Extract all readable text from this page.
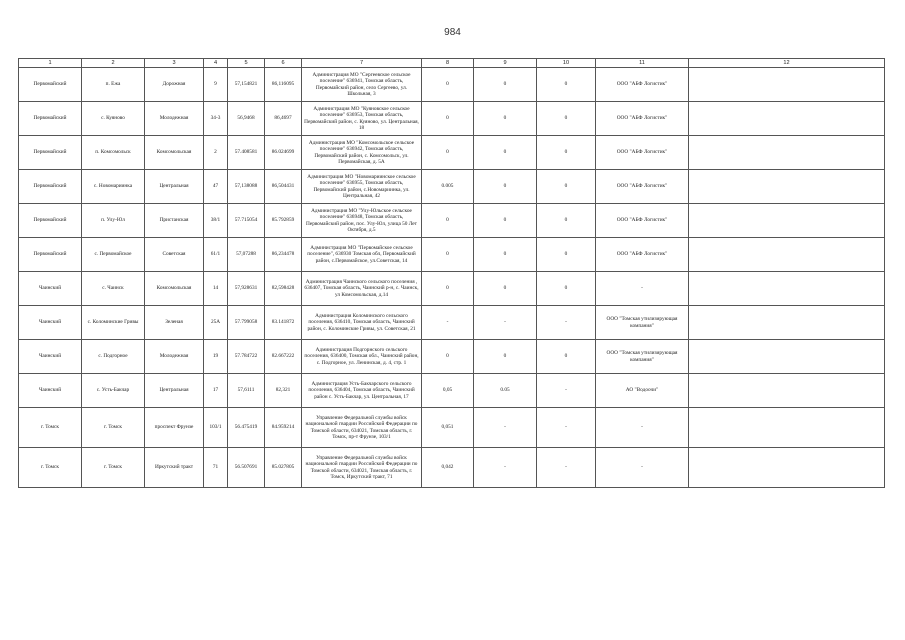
984
1	2	3	4	5	6	7	8	9	10	11	12
Первомайский	п. Ежа	Дорожная	9	57,154821	86,116095	Администрация МО "Сергеевское сельское поселение" 636941, Томская область, Первомайский район, село Сергеево, ул. Школьная, 3	0	0	0	ООО "АБФ Логистик"	
Первомайский	с. Куяново	Молодежная	34-3	56,9468	86,4697	Администрация МО "Куяновское сельское поселение" 636953, Томская область, Первомайский район, с. Куяново, ул. Центральная, 18	0	0	0	ООО "АБФ Логистик"	
Первомайский	п. Комсомольск	Комсомольская	2	57.408581	86.024699	Администрация МО "Комсомольское сельское поселение" 636942, Томская область, Первомайский район, с. Комсомольск, ул. Первомайская, д. 5А	0	0	0	ООО "АБФ Логистик"	
Первомайский	с. Новомариинка	Центральная	47	57,138088	86,504431	Администрация МО "Новомариинское сельское поселение" 636955, Томская область, Первомайский район, с.Новомариинка, ул. Центральная, 42	0.005	0	0	ООО "АБФ Логистик"	
Первомайский	п. Улу-Юл	Пристанская	38/1	57.715054	85.792859	Администрация МО "Улу-Юльское сельское поселение" 636948, Томская область, Первомайский район, пос. Улу-Юл, улица 50 Лет Октября, д.5	0	0	0	ООО "АБФ Логистик"	
Первомайский	с. Первомайское	Советская	61/1	57,07288	86,234478	Администрация МО "Первомайское сельское поселение", 636930 Томская обл, Первомайский район, с.Первомайское, ул.Советская, 14	0	0	0	ООО "АБФ Логистик"	
Чаинский	с. Чаинск	Комсомольская	14	57,928631	82,598428	Администрация Чаинского сельского поселения , 636407, Томская область, Чаинский р-н, с. Чаинск, ул Комсомольская, д.14	0	0	0	-	
Чаинский	с. Коломинские Гривы	Зеленая	25А	57.799058	83.141872	Администрация Коломинского сельского поселения, 636410, Томская область, Чаинский район, с. Коломинские Гривы, ул. Советская, 21	-	-	-	ООО "Томская утилизирующая компания"	
Чаинский	с. Подгорное	Молодежная	19	57.784722	82.667222	Администрация Подгорнского сельского поселения, 636400, Томская обл., Чаинский район, с. Подгорное, ул. Ленинская, д. 4, стр. 1	0	0	0	ООО "Томская утилизирующая компания"	
Чаинский	с. Усть-Бакчар	Центральная	17	57,6111	82,321	Администрация Усть-Бакчарского сельского поселения, 636404, Томская область, Чаинский район с. Усть-Бакчар, ул. Центральная, 17	0,05	0.05	-	АО "Водоочи"	
г. Томск	г. Томск	проспект Фрунзе	103/1	56.475419	84.959214	Управление Федеральной службы войск национальной гвардии Российской Федерации по Томской области, 634021, Томская область, г. Томск, пр-т Фрунзе, 103/1	0,051	-	-	-	
г. Томск	г. Томск	Иркутский тракт	71	56.507691	85.027805	Управление Федеральной службы войск национальной гвардии Российской Федерации по Томской области, 634021, Томская область, г. Томск, Иркутский тракт, 71	0,042	-	-	-	
